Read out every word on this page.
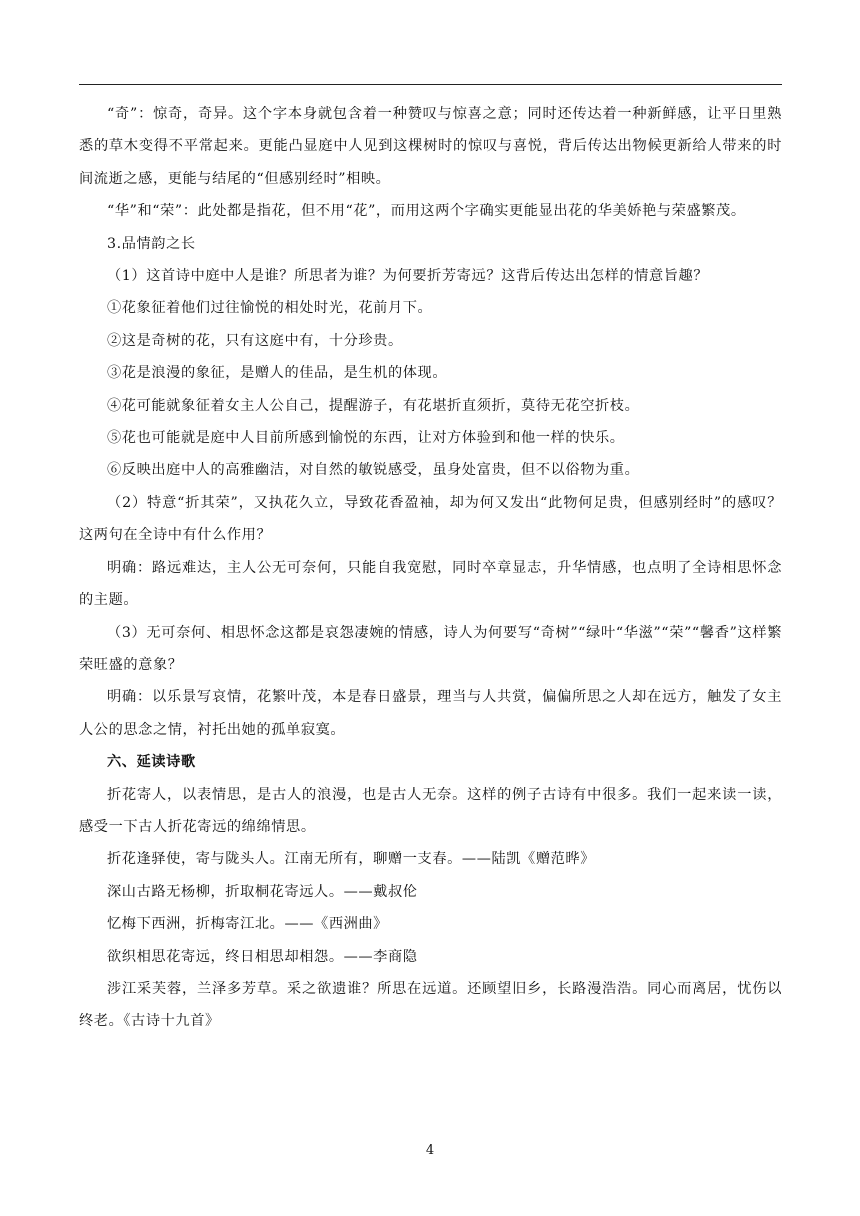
“奇”：惊奇，奇异。这个字本身就包含着一种赞叹与惊喜之意；同时还传达着一种新鲜感，让平日里熟悉的草木变得不平常起来。更能凸显庭中人见到这棵树时的惊叹与喜悦，背后传达出物候更新给人带来的时间流逝之感，更能与结尾的“但感别经时”相映。

“华”和“荣”：此处都是指花，但不用“花”，而用这两个字确实更能显出花的华美娇艳与荣盛繁茂。

3.品情韵之长

（1）这首诗中庭中人是谁？所思者为谁？为何要折芳寄远？这背后传达出怎样的情意旨趣？

①花象征着他们过往愉悦的相处时光，花前月下。

②这是奇树的花，只有这庭中有，十分珍贵。

③花是浪漫的象征，是赠人的佳品，是生机的体现。

④花可能就象征着女主人公自己，提醒游子，有花堪折直须折，莫待无花空折枝。

⑤花也可能就是庭中人目前所感到愉悦的东西，让对方体验到和他一样的快乐。

⑥反映出庭中人的高雅幽洁，对自然的敏锐感受，虽身处富贵，但不以俗物为重。

（2）特意“折其荣”，又执花久立，导致花香盈袖，却为何又发出“此物何足贵，但感别经时”的感叹？这两句在全诗中有什么作用？

明确：路远难达，主人公无可奈何，只能自我宽慰，同时卒章显志，升华情感，也点明了全诗相思怀念的主题。

（3）无可奈何、相思怀念这都是哀怨凄婉的情感，诗人为何要写“奇树”“绿叶“华滋”“荣”“馨香”这样繁荣旺盛的意象？

明确：以乐景写哀情，花繁叶茂，本是春日盛景，理当与人共赏，偏偏所思之人却在远方，触发了女主人公的思念之情，衬托出她的孤单寂寞。

六、延读诗歌

折花寄人，以表情思，是古人的浪漫，也是古人无奈。这样的例子古诗有中很多。我们一起来读一读，感受一下古人折花寄远的绵绵情思。

折花逢驿使，寄与陇头人。江南无所有，聊赠一支春。——陆凯《赠范晔》

深山古路无杨柳，折取桐花寄远人。——戴叔伦

忆梅下西洲，折梅寄江北。——《西洲曲》

欲织相思花寄远，终日相思却相怨。——李商隐

涉江采芙蓉，兰泽多芳草。采之欲遗谁？所思在远道。还顾望旧乡，长路漫浩浩。同心而离居，忧伤以终老。《古诗十九首》

4
